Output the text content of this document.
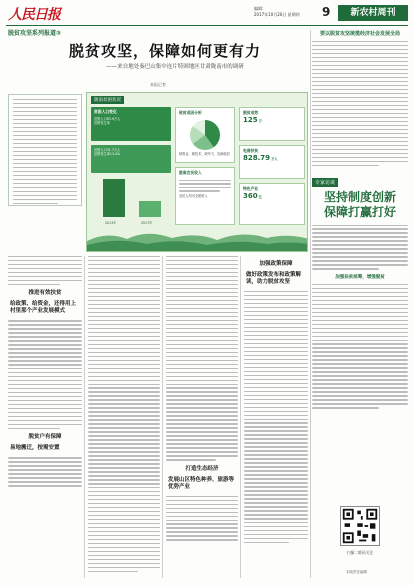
人民日报	编辑:
2017年10月26日 星期四	9	新农村周刊
脱贫攻坚系列报道③
脱贫攻坚，保障如何更有力
——来自地处秦巴山集中连片特困地区甘肃陇南市的调研
本报记者
陇南贫困状况
贫困人口变化
贫困人口83.9万人
贫困发生率
贫困人口31.7万人
贫困发生率13.4%
2013年	2017年
致贫成因分析
缺资金、缺技术、缺劳力、因病致贫
陇南农民收入
农民人均可支配收入
脱贫成效
125 万
电商扶贫
828.79 万人
特色产业
360 亿
推进有效扶贫
给政策、给资金，还得用上村里那个产业发展模式
脱贫户有保障
易地搬迁，按需安置
打造生态经济
发展山区特色种养、旅游等优势产业
加强政策保障
做好政策发布和政策解读，助力脱贫攻坚
要以脱贫攻坚统揽经济社会发展全局
专家访谈
坚持制度创新
保障打赢打好
加强扶贫统筹，增强脱贫
扫描二维码关注
本版责任编辑
